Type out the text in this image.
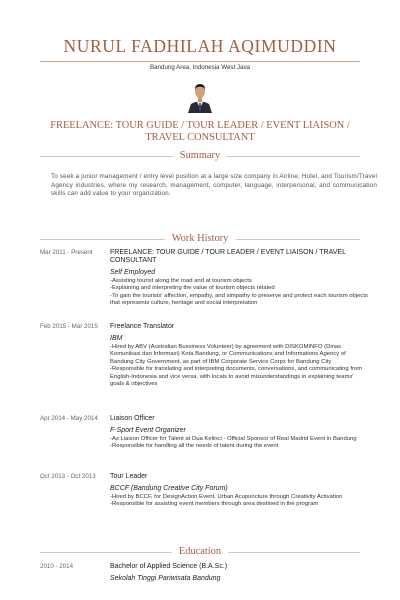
NURUL FADHILAH AQIMUDDIN
Bandung Area, Indonesia West Java
FREELANCE: TOUR GUIDE / TOUR LEADER / EVENT LIAISON / TRAVEL CONSULTANT
Summary
To seek a junior management / entry level position at a large size company in Airline, Hotel, and Tourism/Travel Agency industries, where my research, management, computer, language, interpersonal, and communication skills can add value to your organization.
Work History
Mar 2011 - Present	FREELANCE: TOUR GUIDE / TOUR LEADER / EVENT LIAISON / TRAVEL CONSULTANT
Self Employed
-Assisting tourist along the road and at tourism objects
-Explaining and interpreting the value of tourism objects related
-To gain the tourists' affection, empathy, and simpathy to preserve and protect each tourism objects that represents culture, heritage and social interpretation
Feb 2015 - Mar 2015	Freelance Translator
IBM
-Hired by ABV (Australian Bussiness Volunteer) by agreement with DISKOMINFO (Dinas Komunikasi dan Informasi) Kota Bandung, or Communications and Informations Agency of Bandung City Government, as part of IBM Corporate Service Corps for Bandung City
-Responsible for translating and interpreting documents, conversations, and communicating from English-Indonesia and vice versa, with locals to avoid misunderstandings in explaining teams' goals & objectives
Apr 2014 - May 2014	Liaison Officer
F-Sport Event Organizer
-As Liaison Officer for Talent at Dua Kelinci - Official Sponsor of Real Madrid Event in Bandung
-Responsible for handling all the needs of talent during the event
Oct 2013 - Oct 2013	Tour Leader
BCCF (Bandung Creative City Forum)
-Hired by BCCF, for DesignAction Event, Urban Acupuncture through Creativity Activation
-Responsible for assisting event members through area destined in the program
Education
2010 - 2014	Bachelor of Applied Science (B.A.Sc.)
Sekolah Tinggi Pariwisata Bandung
